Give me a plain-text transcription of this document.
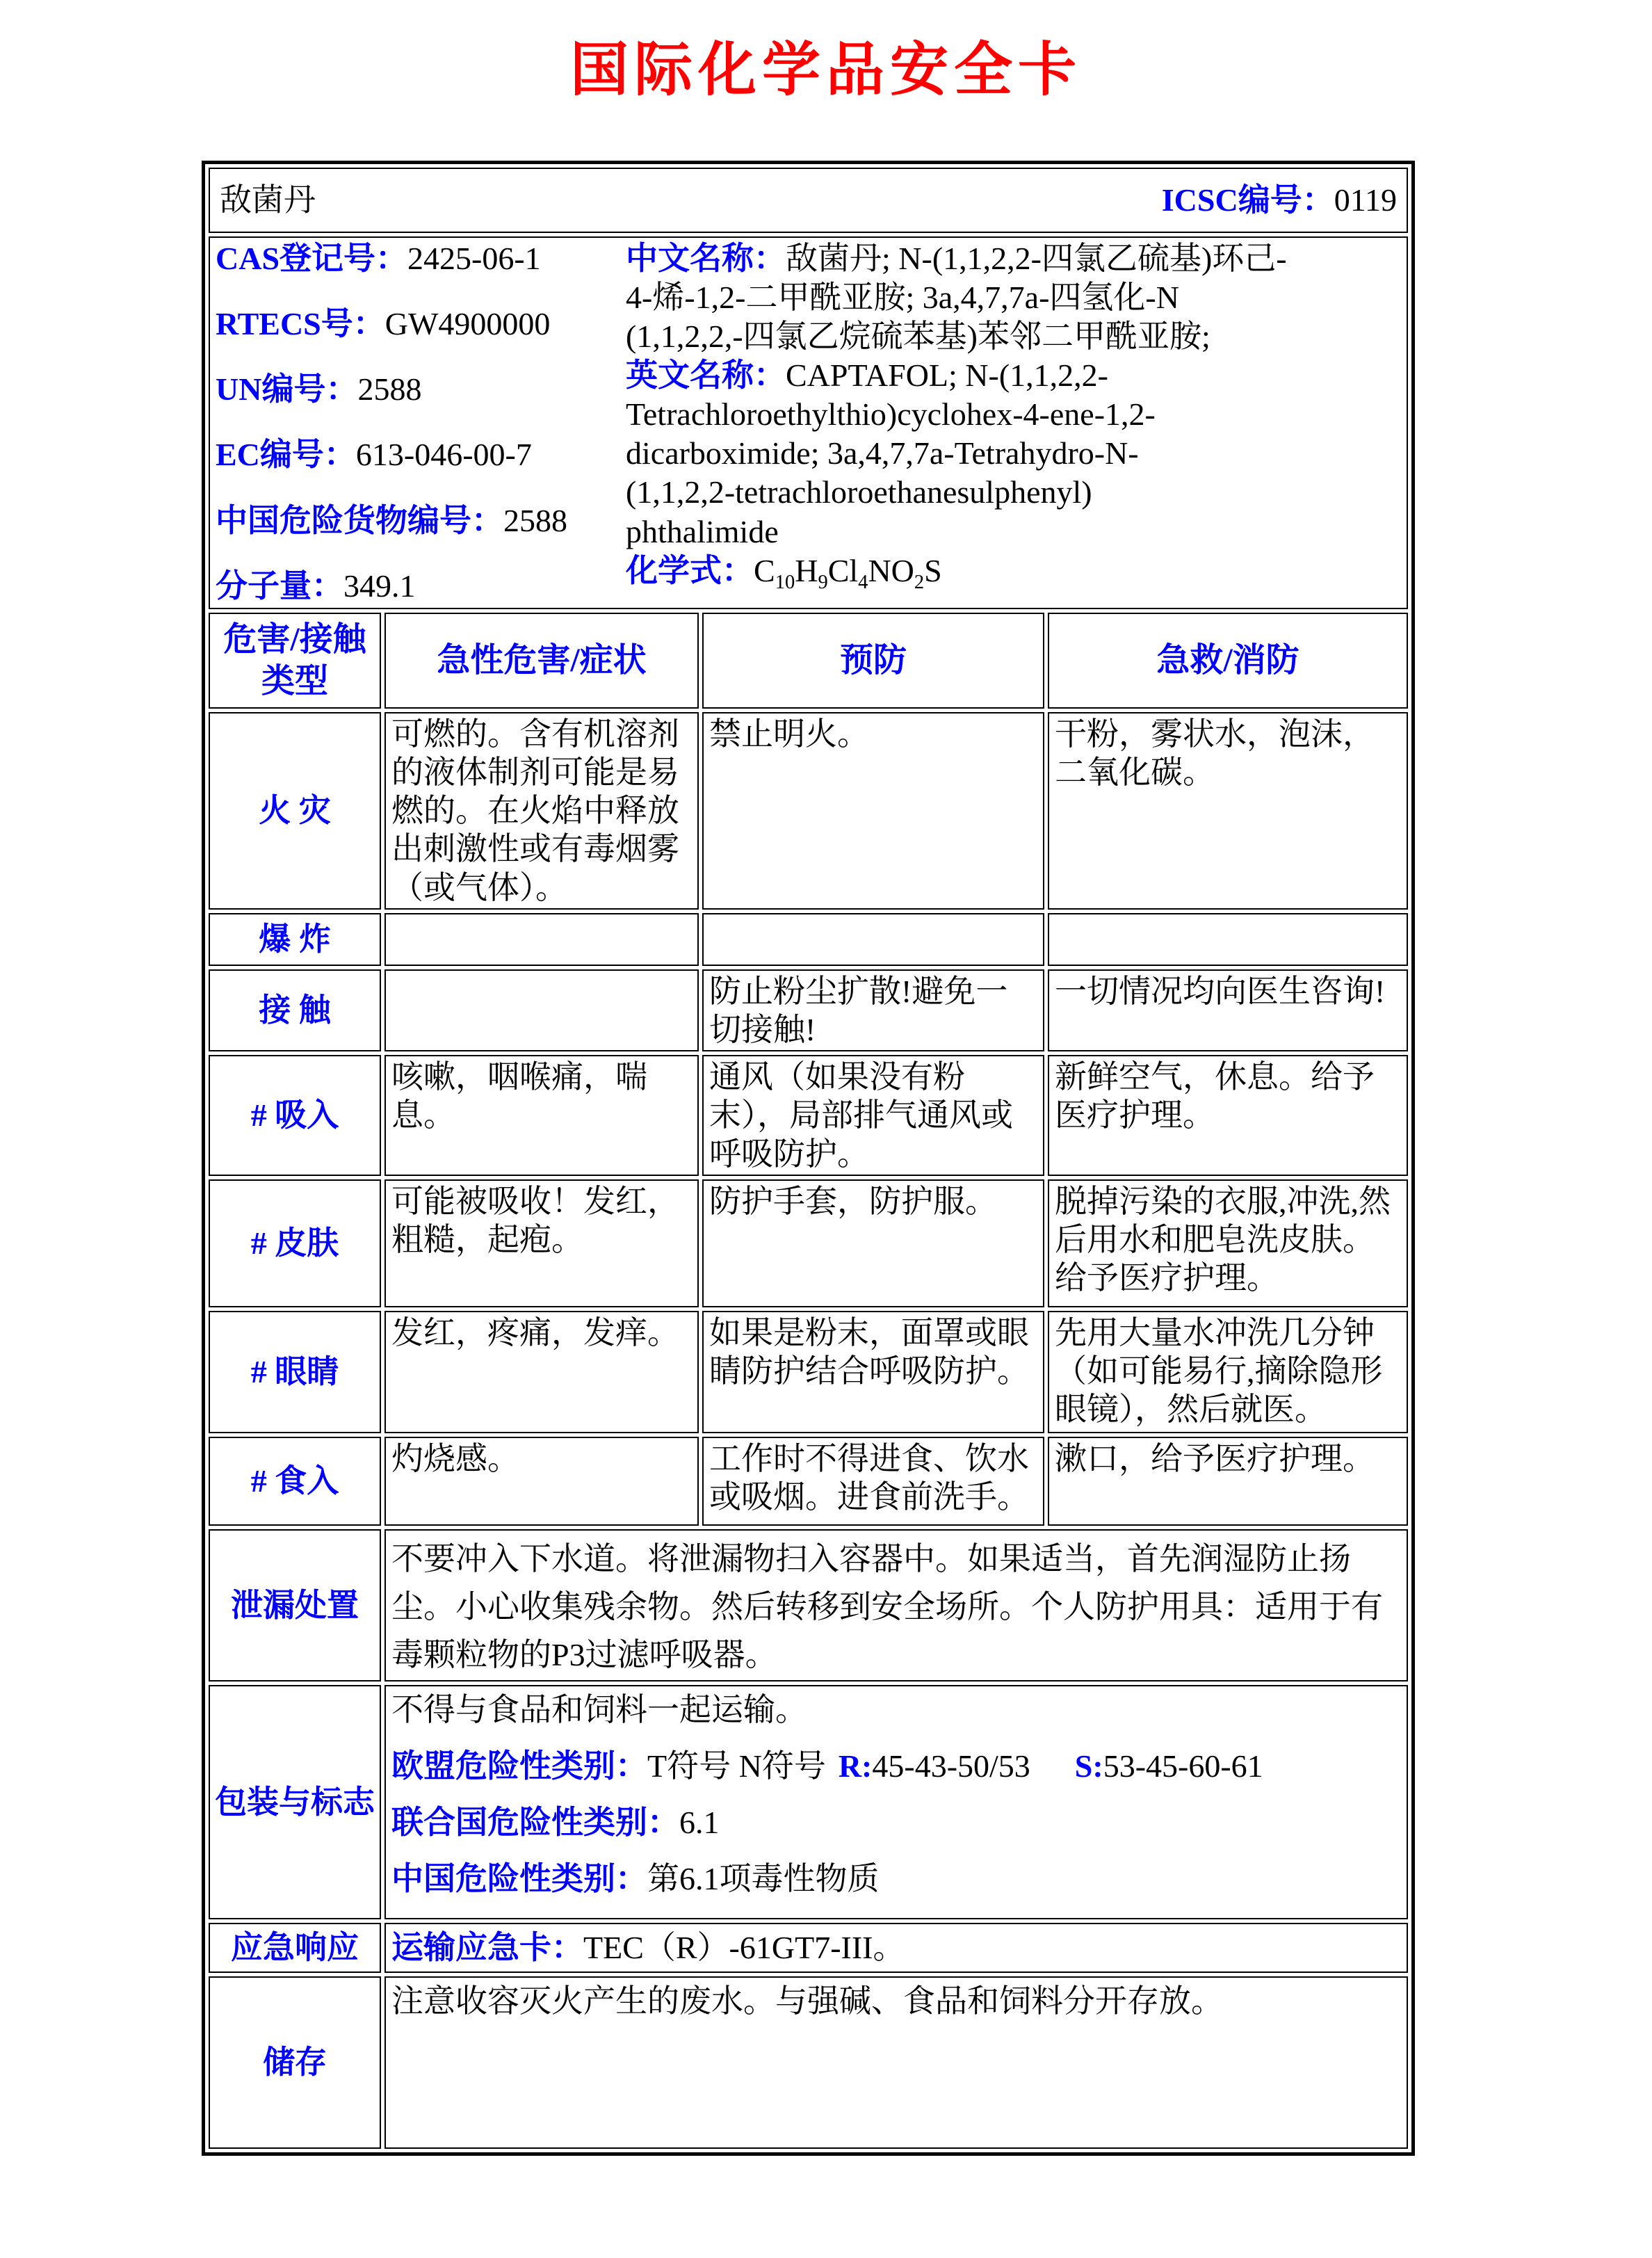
国际化学品安全卡
敌菌丹 ICSC编号：0119			

CAS登记号：2425-06-1
RTECS号：GW4900000
UN编号：2588
EC编号：613-046-00-7
中国危险货物编号：2588
分子量：349.1
中文名称：敌菌丹; N-(1,1,2,2-四氯乙硫基)环己-
4-烯-1,2-二甲酰亚胺; 3a,4,7,7a-四氢化-N
(1,1,2,2,-四氯乙烷硫苯基)苯邻二甲酰亚胺;
英文名称：CAPTAFOL; N-(1,1,2,2-
Tetrachloroethylthio)cyclohex-4-ene-1,2-
dicarboximide; 3a,4,7,7a-Tetrahydro-N-
(1,1,2,2-tetrachloroethanesulphenyl)
phthalimide
化学式：$C_{10}H_9Cl_4NO_2S$

危害/接触类型	急性危害/症状	预防	急救/消防
火 灾	可燃的。含有机溶剂的液体制剂可能是易燃的。在火焰中释放出刺激性或有毒烟雾（或气体）。	禁止明火。	干粉，雾状水，泡沫，二氧化碳。
爆 炸			
接 触		防止粉尘扩散!避免一切接触!	一切情况均向医生咨询!
# 吸入	咳嗽，咽喉痛，喘息。	通风（如果没有粉末），局部排气通风或呼吸防护。	新鲜空气，休息。给予医疗护理。
# 皮肤	可能被吸收！发红，粗糙，起疱。	防护手套，防护服。	脱掉污染的衣服,冲洗,然后用水和肥皂洗皮肤。给予医疗护理。
# 眼睛	发红，疼痛，发痒。	如果是粉末，面罩或眼睛防护结合呼吸防护。	先用大量水冲洗几分钟（如可能易行,摘除隐形眼镜），然后就医。
# 食入	灼烧感。	工作时不得进食、饮水或吸烟。进食前洗手。	漱口，给予医疗护理。
泄漏处置	不要冲入下水道。将泄漏物扫入容器中。如果适当，首先润湿防止扬尘。小心收集残余物。然后转移到安全场所。个人防护用具：适用于有毒颗粒物的P3过滤呼吸器。		

包装与标志	不得与食品和饲料一起运输。
欧盟危险性类别：T符号 N符号 R:45-43-50/53 S:53-45-60-61
联合国危险性类别：6.1
中国危险性类别：第6.1项毒性物质		

应急响应	运输应急卡：TEC（R）-61GT7-III。		
储存	注意收容灭火产生的废水。与强碱、食品和饲料分开存放。		
